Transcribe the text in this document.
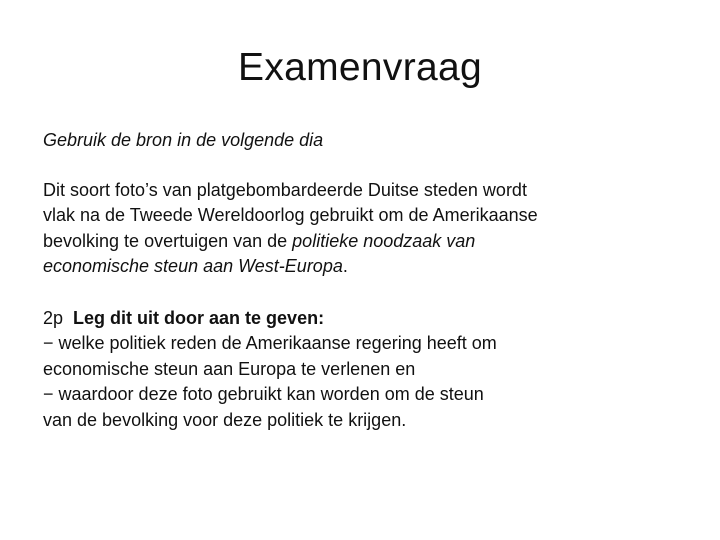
Examenvraag

Gebruik de bron in de volgende dia

Dit soort foto’s van platgebombardeerde Duitse steden wordt
vlak na de Tweede Wereldoorlog gebruikt om de Amerikaanse
bevolking te overtuigen van de politieke noodzaak van
economische steun aan West-Europa.
2p Leg dit uit door aan te geven:
− welke politiek reden de Amerikaanse regering heeft om
economische steun aan Europa te verlenen en
− waardoor deze foto gebruikt kan worden om de steun
van de bevolking voor deze politiek te krijgen.
